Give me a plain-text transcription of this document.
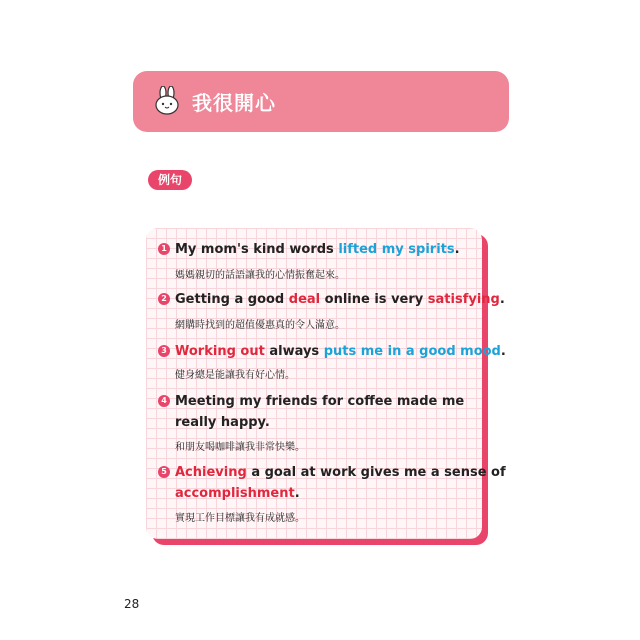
我很開心
例句
1 My mom's kind words lifted my spirits.
媽媽親切的話語讓我的心情振奮起來。
2 Getting a good deal online is very satisfying.
網購時找到的超值優惠真的令人滿意。
3 Working out always puts me in a good mood.
健身總是能讓我有好心情。
4 Meeting my friends for coffee made me
really happy.
和朋友喝咖啡讓我非常快樂。
5 Achieving a goal at work gives me a sense of
accomplishment.
實現工作目標讓我有成就感。
28
